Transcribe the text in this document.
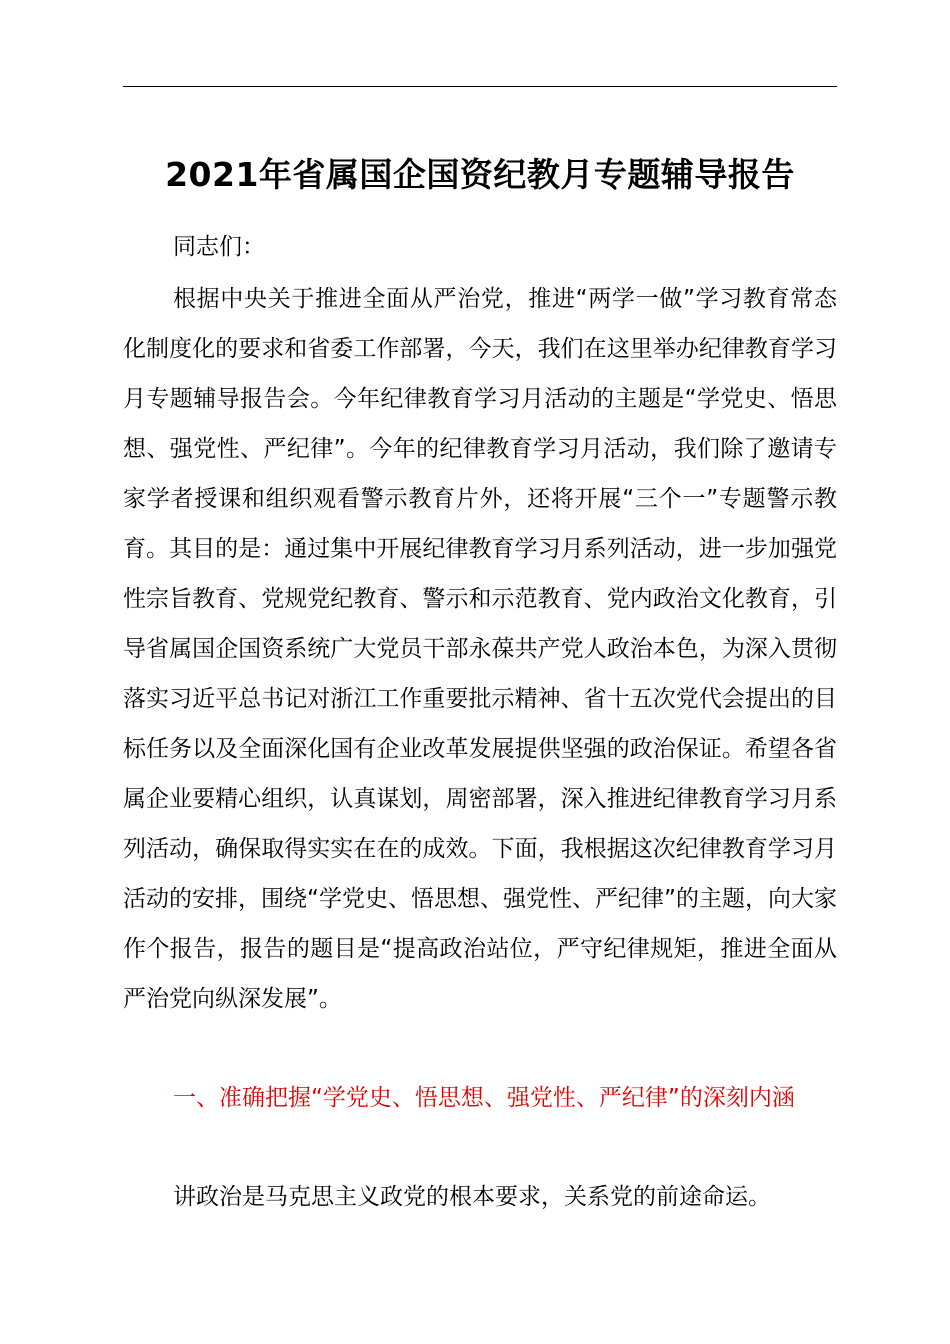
2021年省属国企国资纪教月专题辅导报告
同志们：
根据中央关于推进全面从严治党，推进“两学一做”学习教育常态化制度化的要求和省委工作部署，今天，我们在这里举办纪律教育学习月专题辅导报告会。今年纪律教育学习月活动的主题是“学党史、悟思想、强党性、严纪律”。今年的纪律教育学习月活动，我们除了邀请专家学者授课和组织观看警示教育片外，还将开展“三个一”专题警示教育。其目的是：通过集中开展纪律教育学习月系列活动，进一步加强党性宗旨教育、党规党纪教育、警示和示范教育、党内政治文化教育，引导省属国企国资系统广大党员干部永葆共产党人政治本色，为深入贯彻落实习近平总书记对浙江工作重要批示精神、省十五次党代会提出的目标任务以及全面深化国有企业改革发展提供坚强的政治保证。希望各省属企业要精心组织，认真谋划，周密部署，深入推进纪律教育学习月系列活动，确保取得实实在在的成效。下面，我根据这次纪律教育学习月活动的安排，围绕“学党史、悟思想、强党性、严纪律”的主题，向大家作个报告，报告的题目是“提高政治站位，严守纪律规矩，推进全面从严治党向纵深发展”。
一、准确把握“学党史、悟思想、强党性、严纪律”的深刻内涵
讲政治是马克思主义政党的根本要求，关系党的前途命运。
